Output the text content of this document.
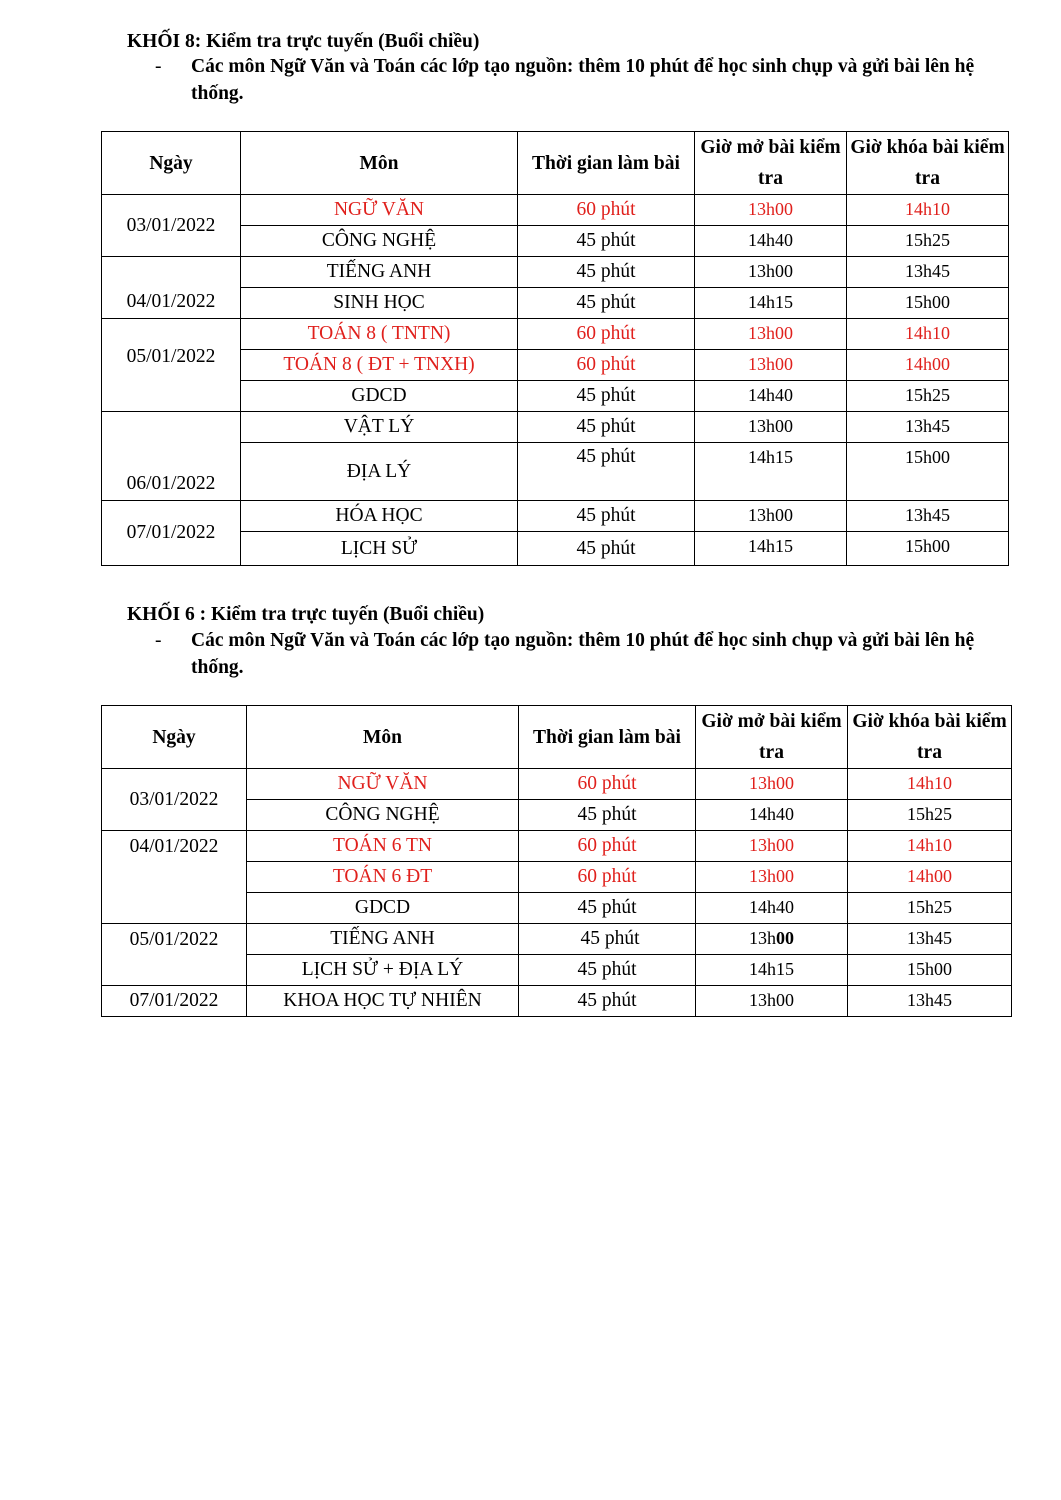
KHỐI 8: Kiểm tra trực tuyến (Buổi chiều)
- Các môn Ngữ Văn và Toán các lớp tạo nguồn: thêm 10 phút để học sinh chụp và gửi bài lên hệ thống.
Ngày	Môn	Thời gian làm bài	Giờ mở bài kiểm tra	Giờ khóa bài kiểm tra
03/01/2022	NGỮ VĂN	60 phút	13h00	14h10
	CÔNG NGHỆ	45 phút	14h40	15h25
04/01/2022	TIẾNG ANH	45 phút	13h00	13h45
	SINH HỌC	45 phút	14h15	15h00
05/01/2022	TOÁN 8 ( TNTN)	60 phút	13h00	14h10
	TOÁN 8 ( ĐT + TNXH)	60 phút	13h00	14h00
	GDCD	45 phút	14h40	15h25
06/01/2022	VẬT LÝ	45 phút	13h00	13h45
	ĐỊA LÝ	45 phút	14h15	15h00
07/01/2022	HÓA HỌC	45 phút	13h00	13h45
	LỊCH SỬ	45 phút	14h15	15h00
KHỐI 6 : Kiểm tra trực tuyến (Buổi chiều)
- Các môn Ngữ Văn và Toán các lớp tạo nguồn: thêm 10 phút để học sinh chụp và gửi bài lên hệ thống.
Ngày	Môn	Thời gian làm bài	Giờ mở bài kiểm tra	Giờ khóa bài kiểm tra
03/01/2022	NGỮ VĂN	60 phút	13h00	14h10
	CÔNG NGHỆ	45 phút	14h40	15h25
04/01/2022	TOÁN 6 TN	60 phút	13h00	14h10
	TOÁN 6 ĐT	60 phút	13h00	14h00
	GDCD	45 phút	14h40	15h25
05/01/2022	TIẾNG ANH	45 phút	13h00	13h45
	LỊCH SỬ + ĐỊA LÝ	45 phút	14h15	15h00
07/01/2022	KHOA HỌC TỰ NHIÊN	45 phút	13h00	13h45
